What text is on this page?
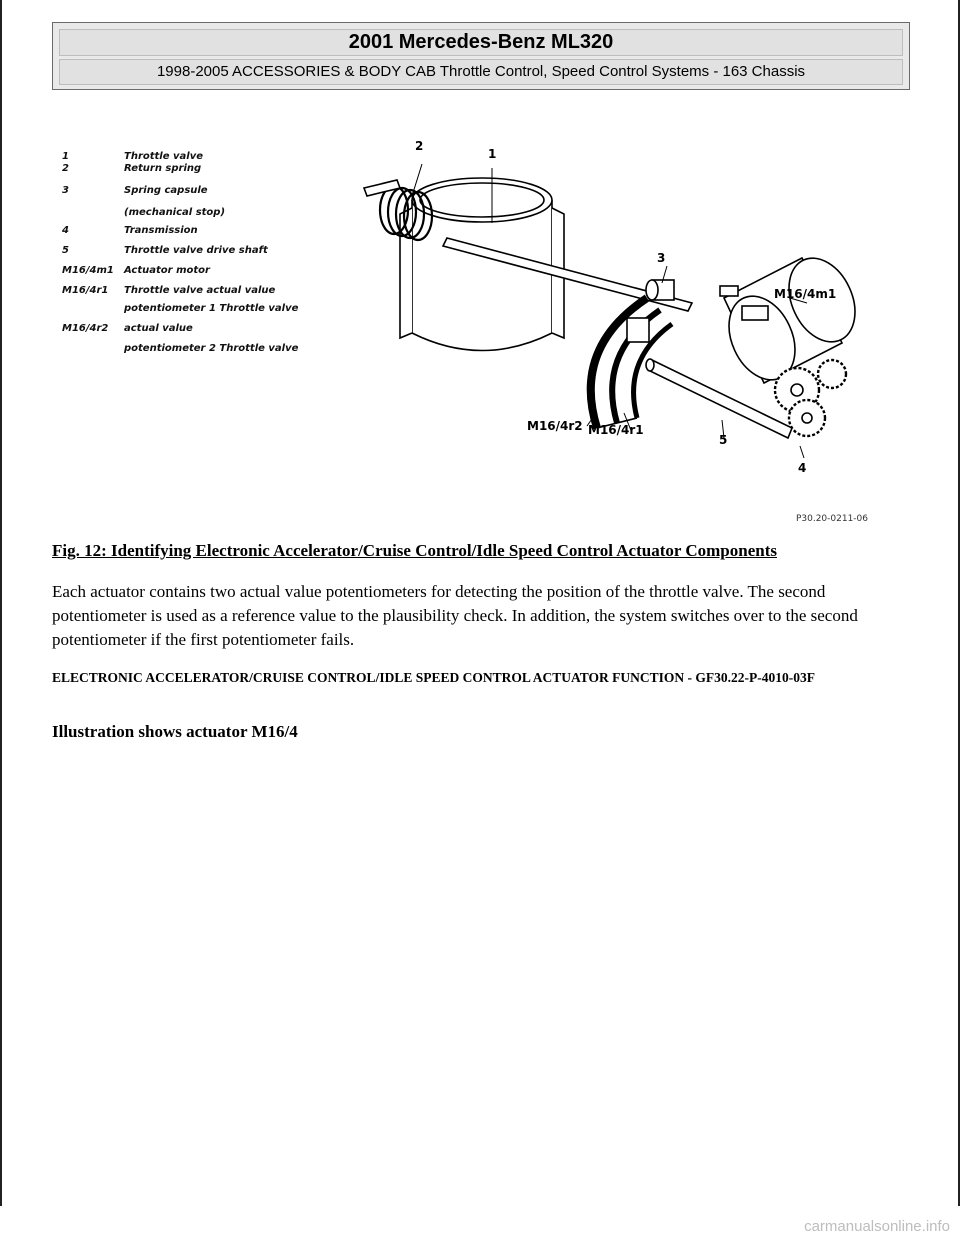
2001 Mercedes-Benz ML320
1998-2005 ACCESSORIES & BODY CAB Throttle Control, Speed Control Systems - 163 Chassis
2
1
3
M16/4m1
M16/4r2 M16/4r1
5
4
1	Throttle valve
2	Return spring
3	Spring capsule
(mechanical stop)
4	Transmission
5	Throttle valve drive shaft
M16/4m1	Actuator motor
M16/4r1	Throttle valve actual value
potentiometer 1 Throttle valve
M16/4r2	actual value
potentiometer 2 Throttle valve
P30.20-0211-06
Fig. 12: Identifying Electronic Accelerator/Cruise Control/Idle Speed Control Actuator Components
Each actuator contains two actual value potentiometers for detecting the position of the throttle valve. The second potentiometer is used as a reference value to the plausibility check. In addition, the system switches over to the second potentiometer if the first potentiometer fails.
ELECTRONIC ACCELERATOR/CRUISE CONTROL/IDLE SPEED CONTROL ACTUATOR FUNCTION - GF30.22-P-4010-03F
Illustration shows actuator M16/4
carmanualsonline.info
